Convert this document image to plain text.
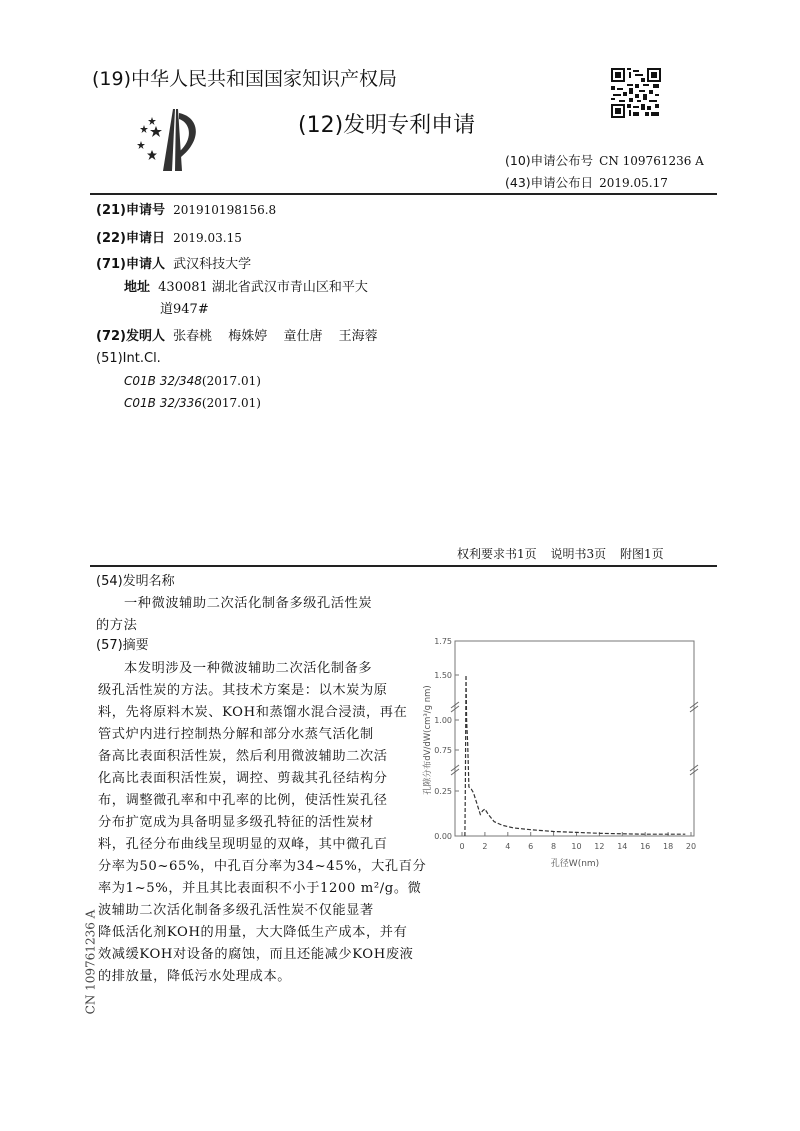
(19)中华人民共和国国家知识产权局
(12)发明专利申请
(10)申请公布号 CN 109761236 A
(43)申请公布日 2019.05.17
(21)申请号 201910198156.8
(22)申请日 2019.03.15
(71)申请人 武汉科技大学
地址 430081 湖北省武汉市青山区和平大
道947#
(72)发明人 张春桃 梅姝婷 童仕唐 王海蓉
(51)Int.Cl.
C01B 32/348(2017.01)
C01B 32/336(2017.01)
权利要求书1页 说明书3页 附图1页
(54)发明名称
一种微波辅助二次活化制备多级孔活性炭
的方法
(57)摘要
本发明涉及一种微波辅助二次活化制备多
级孔活性炭的方法。其技术方案是：以木炭为原
料，先将原料木炭、KOH和蒸馏水混合浸渍，再在
管式炉内进行控制热分解和部分水蒸气活化制
备高比表面积活性炭，然后利用微波辅助二次活
化高比表面积活性炭，调控、剪裁其孔径结构分
布，调整微孔率和中孔率的比例，使活性炭孔径
分布扩宽成为具备明显多级孔特征的活性炭材
料，孔径分布曲线呈现明显的双峰，其中微孔百
分率为50~65%，中孔百分率为34~45%，大孔百分
率为1~5%，并且其比表面积不小于1200 m²/g。微
波辅助二次活化制备多级孔活性炭不仅能显著
降低活化剂KOH的用量，大大降低生产成本，并有
效减缓KOH对设备的腐蚀，而且还能减少KOH废液
的排放量，降低污水处理成本。
CN 109761236 A
0.00
0.25
0.75
1.00
1.50
1.75
0 2 4 6 8 10 12 14 16 18 20
孔径W(nm)
孔隙分布dV/dW(cm³/g nm)
